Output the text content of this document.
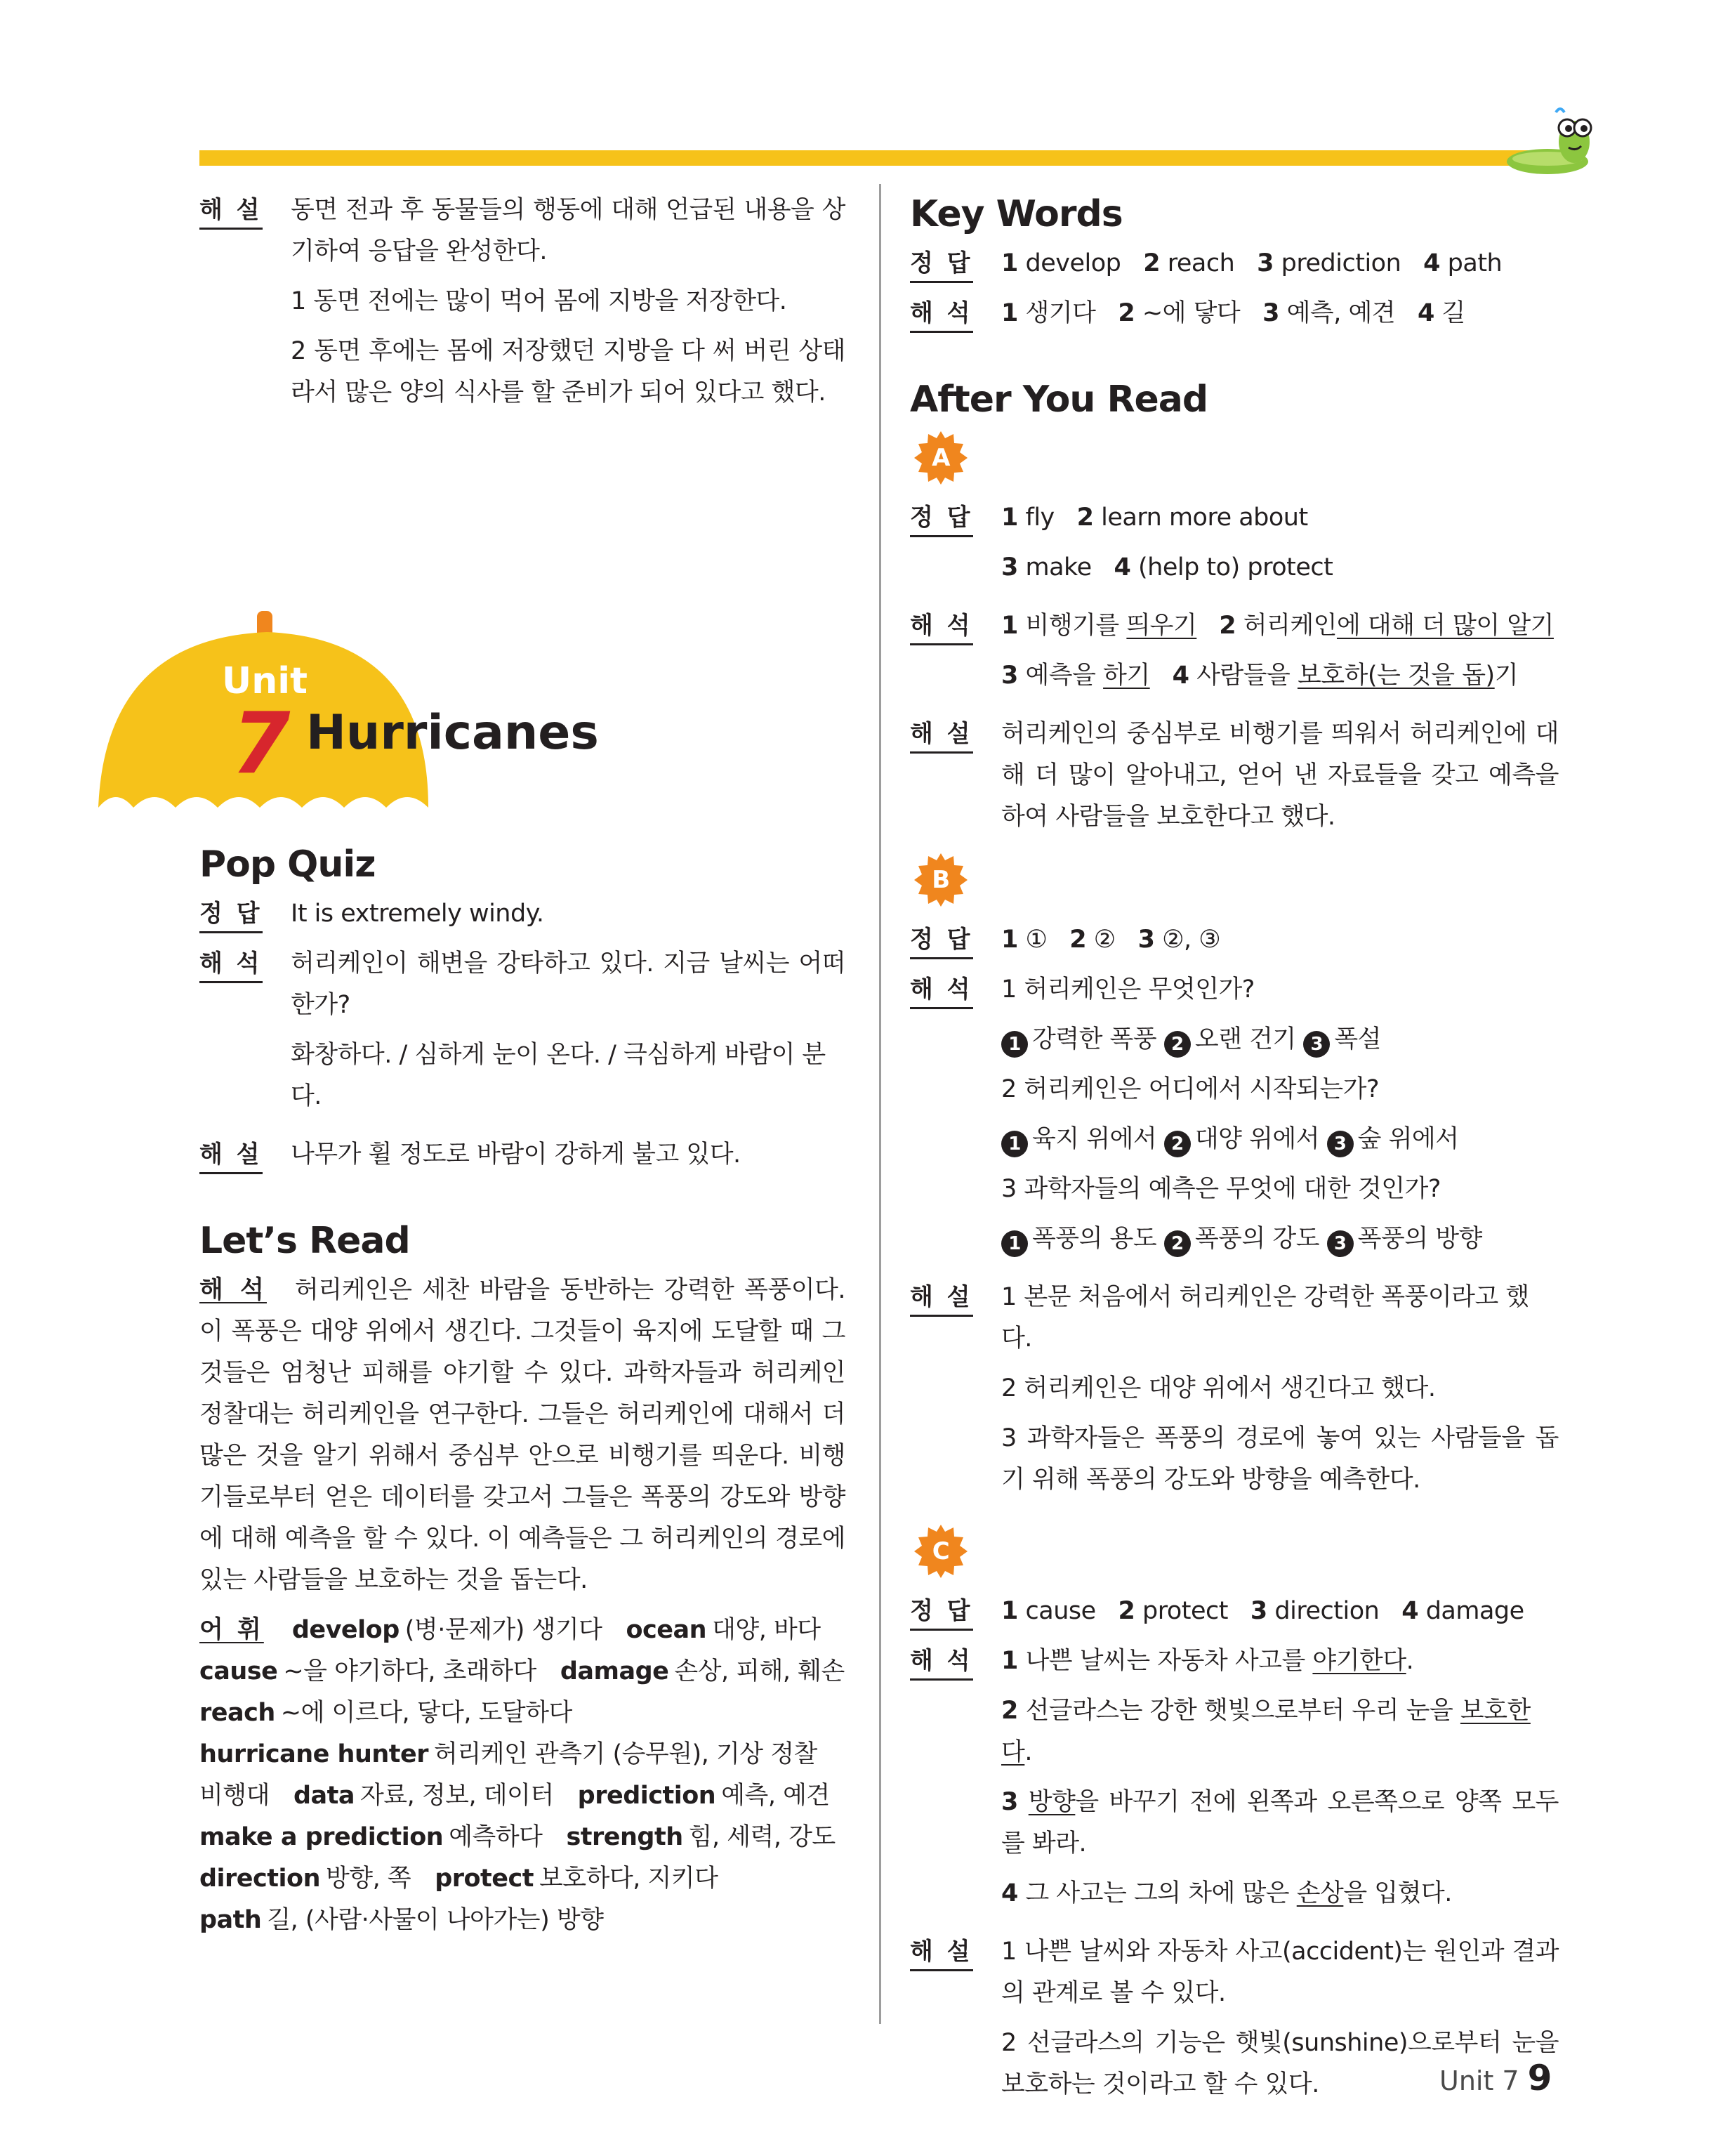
해 설	동면 전과 후 동물들의 행동에 대해 언급된 내용을 상기하여 응답을 완성한다.
1 동면 전에는 많이 먹어 몸에 지방을 저장한다.
2 동면 후에는 몸에 저장했던 지방을 다 써 버린 상태라서 많은 양의 식사를 할 준비가 되어 있다고 했다.
Unit
7 Hurricanes
Pop Quiz
정 답	It is extremely windy.
해 석	허리케인이 해변을 강타하고 있다. 지금 날씨는 어떠한가?
화창하다. / 심하게 눈이 온다. / 극심하게 바람이 분다.
해 설	나무가 휠 정도로 바람이 강하게 불고 있다.
Let’s Read
해 석 허리케인은 세찬 바람을 동반하는 강력한 폭풍이다. 이 폭풍은 대양 위에서 생긴다. 그것들이 육지에 도달할 때 그것들은 엄청난 피해를 야기할 수 있다. 과학자들과 허리케인 정찰대는 허리케인을 연구한다. 그들은 허리케인에 대해서 더 많은 것을 알기 위해서 중심부 안으로 비행기를 띄운다. 비행기들로부터 얻은 데이터를 갖고서 그들은 폭풍의 강도와 방향에 대해 예측을 할 수 있다. 이 예측들은 그 허리케인의 경로에 있는 사람들을 보호하는 것을 돕는다.
어 휘 develop (병·문제가) 생기다 ocean 대양, 바다
cause ~을 야기하다, 초래하다 damage 손상, 피해, 훼손
reach ~에 이르다, 닿다, 도달하다
hurricane hunter 허리케인 관측기 (승무원), 기상 정찰 비행대 data 자료, 정보, 데이터 prediction 예측, 예견
make a prediction 예측하다 strength 힘, 세력, 강도
direction 방향, 쪽 protect 보호하다, 지키다
path 길, (사람·사물이 나아가는) 방향
Key Words
정 답	1 develop 2 reach 3 prediction 4 path
해 석	1 생기다 2 ~에 닿다 3 예측, 예견 4 길
After You Read
A
정 답	1 fly 2 learn more about
3 make 4 (help to) protect
해 석	1 비행기를 띄우기 2 허리케인에 대해 더 많이 알기
3 예측을 하기 4 사람들을 보호하(는 것을 돕)기
해 설	허리케인의 중심부로 비행기를 띄워서 허리케인에 대해 더 많이 알아내고, 얻어 낸 자료들을 갖고 예측을 하여 사람들을 보호한다고 했다.
B
정 답	1 ① 2 ② 3 ②, ③
해 석	1 허리케인은 무엇인가?
1 강력한 폭풍 2 오랜 건기 3 폭설
2 허리케인은 어디에서 시작되는가?
1 육지 위에서 2 대양 위에서 3 숲 위에서
3 과학자들의 예측은 무엇에 대한 것인가?
1 폭풍의 용도 2 폭풍의 강도 3 폭풍의 방향
해 설	1 본문 처음에서 허리케인은 강력한 폭풍이라고 했다.
2 허리케인은 대양 위에서 생긴다고 했다.
3 과학자들은 폭풍의 경로에 놓여 있는 사람들을 돕기 위해 폭풍의 강도와 방향을 예측한다.
C
정 답	1 cause 2 protect 3 direction 4 damage
해 석	1 나쁜 날씨는 자동차 사고를 야기한다.
2 선글라스는 강한 햇빛으로부터 우리 눈을 보호한다.
3 방향을 바꾸기 전에 왼쪽과 오른쪽으로 양쪽 모두를 봐라.
4 그 사고는 그의 차에 많은 손상을 입혔다.
해 설	1 나쁜 날씨와 자동차 사고(accident)는 원인과 결과의 관계로 볼 수 있다.
2 선글라스의 기능은 햇빛(sunshine)으로부터 눈을 보호하는 것이라고 할 수 있다.	Unit 7 9
